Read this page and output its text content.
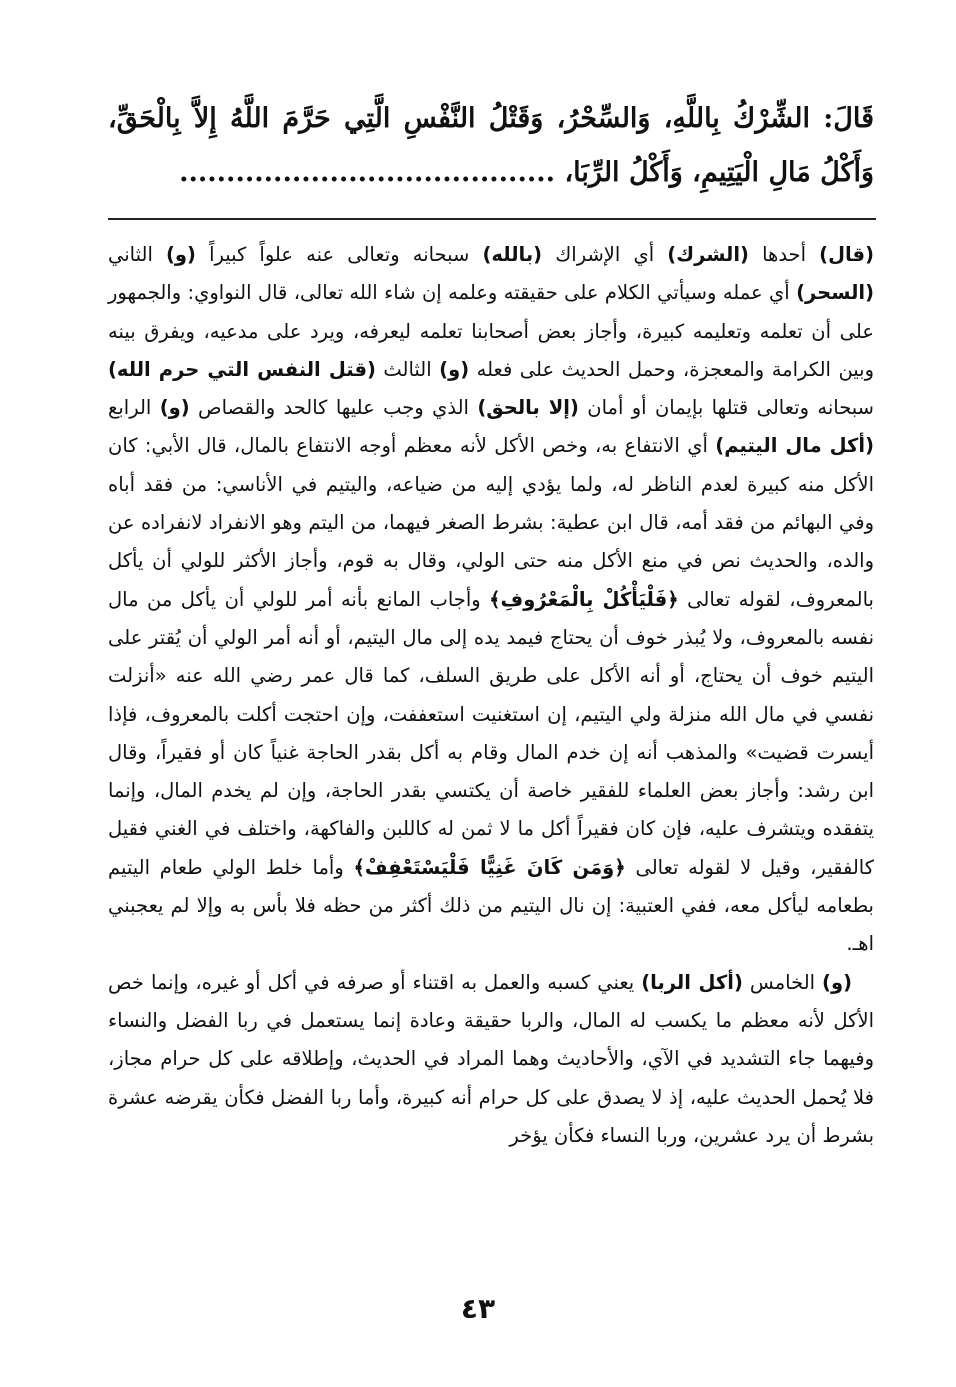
قَالَ: الشِّرْكُ بِاللَّهِ، وَالسِّحْرُ، وَقَتْلُ النَّفْسِ الَّتِي حَرَّمَ اللَّهُ إِلاَّ بِالْحَقِّ، وَأَكْلُ مَالِ الْيَتِيمِ، وَأَكْلُ الرِّبَا، ........................................

(قال) أحدها (الشرك) أي الإشراك (بالله) سبحانه وتعالى عنه علواً كبيراً (و) الثاني (السحر) أي عمله وسيأتي الكلام على حقيقته وعلمه إن شاء الله تعالى، قال النواوي: والجمهور على أن تعلمه وتعليمه كبيرة، وأجاز بعض أصحابنا تعلمه ليعرفه، ويرد على مدعيه، ويفرق بينه وبين الكرامة والمعجزة، وحمل الحديث على فعله (و) الثالث (قتل النفس التي حرم الله) سبحانه وتعالى قتلها بإيمان أو أمان (إلا بالحق) الذي وجب عليها كالحد والقصاص (و) الرابع (أكل مال اليتيم) أي الانتفاع به، وخص الأكل لأنه معظم أوجه الانتفاع بالمال، قال الأبي: كان الأكل منه كبيرة لعدم الناظر له، ولما يؤدي إليه من ضياعه، واليتيم في الأناسي: من فقد أباه وفي البهائم من فقد أمه، قال ابن عطية: بشرط الصغر فيهما، من اليتم وهو الانفراد لانفراده عن والده، والحديث نص في منع الأكل منه حتى الولي، وقال به قوم، وأجاز الأكثر للولي أن يأكل بالمعروف، لقوله تعالى ﴿فَلْيَأْكُلْ بِالْمَعْرُوفِ﴾ وأجاب المانع بأنه أمر للولي أن يأكل من مال نفسه بالمعروف، ولا يُبذر خوف أن يحتاج فيمد يده إلى مال اليتيم، أو أنه أمر الولي أن يُقتر على اليتيم خوف أن يحتاج، أو أنه الأكل على طريق السلف، كما قال عمر رضي الله عنه «أنزلت نفسي في مال الله منزلة ولي اليتيم، إن استغنيت استعففت، وإن احتجت أكلت بالمعروف، فإذا أيسرت قضيت» والمذهب أنه إن خدم المال وقام به أكل بقدر الحاجة غنياً كان أو فقيراً، وقال ابن رشد: وأجاز بعض العلماء للفقير خاصة أن يكتسي بقدر الحاجة، وإن لم يخدم المال، وإنما يتفقده ويتشرف عليه، فإن كان فقيراً أكل ما لا ثمن له كاللبن والفاكهة، واختلف في الغني فقيل كالفقير، وقيل لا لقوله تعالى ﴿وَمَن كَانَ غَنِيًّا فَلْيَسْتَعْفِفْ﴾ وأما خلط الولي طعام اليتيم بطعامه ليأكل معه، ففي العتبية: إن نال اليتيم من ذلك أكثر من حظه فلا بأس به وإلا لم يعجبني اهـ.

(و) الخامس (أكل الربا) يعني كسبه والعمل به اقتناء أو صرفه في أكل أو غيره، وإنما خص الأكل لأنه معظم ما يكسب له المال، والربا حقيقة وعادة إنما يستعمل في ربا الفضل والنساء وفيهما جاء التشديد في الآي، والأحاديث وهما المراد في الحديث، وإطلاقه على كل حرام مجاز، فلا يُحمل الحديث عليه، إذ لا يصدق على كل حرام أنه كبيرة، وأما ربا الفضل فكأن يقرضه عشرة بشرط أن يرد عشرين، وربا النساء فكأن يؤخر

٤٣
